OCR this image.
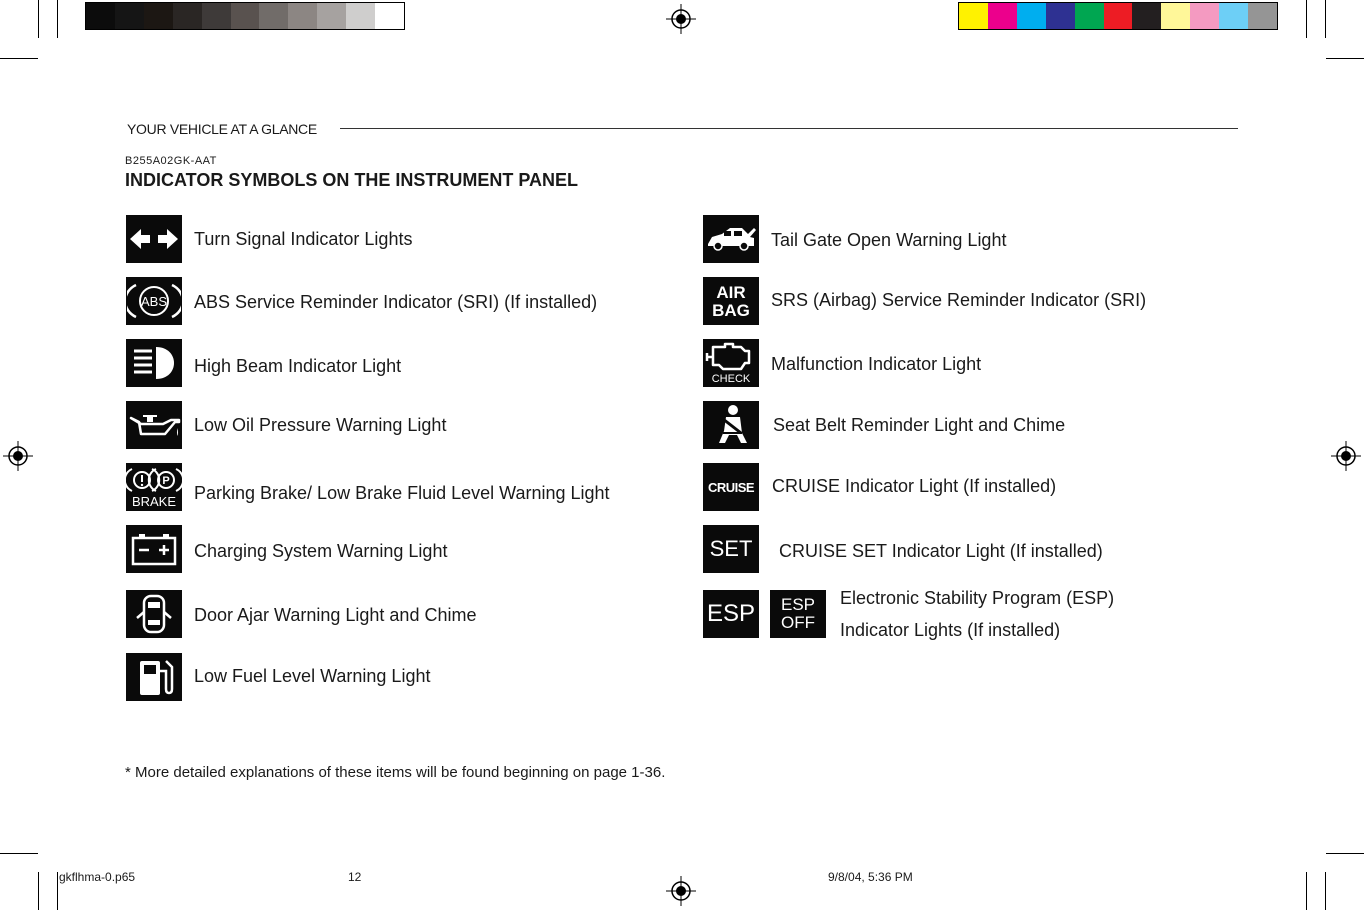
YOUR VEHICLE AT A GLANCE
B255A02GK-AAT
INDICATOR SYMBOLS ON THE INSTRUMENT PANEL
Turn Signal Indicator Lights
ABS ABS Service Reminder Indicator (SRI) (If installed)
High Beam Indicator Light
Low Oil Pressure Warning Light
P
BRAKE Parking Brake/ Low Brake Fluid Level Warning Light
Charging System Warning Light
Door Ajar Warning Light and Chime
Low Fuel Level Warning Light
Tail Gate Open Warning Light
AIR
BAG
SRS (Airbag) Service Reminder Indicator (SRI)
CHECK
Malfunction Indicator Light
Seat Belt Reminder Light and Chime
CRUISE CRUISE Indicator Light (If installed)
SET CRUISE SET Indicator Light (If installed)
ESP ESP OFF
Electronic Stability Program (ESP)
Indicator Lights (If installed)
* More detailed explanations of these items will be found beginning on page 1-36.
gkflhma-0.p65	12	9/8/04, 5:36 PM
